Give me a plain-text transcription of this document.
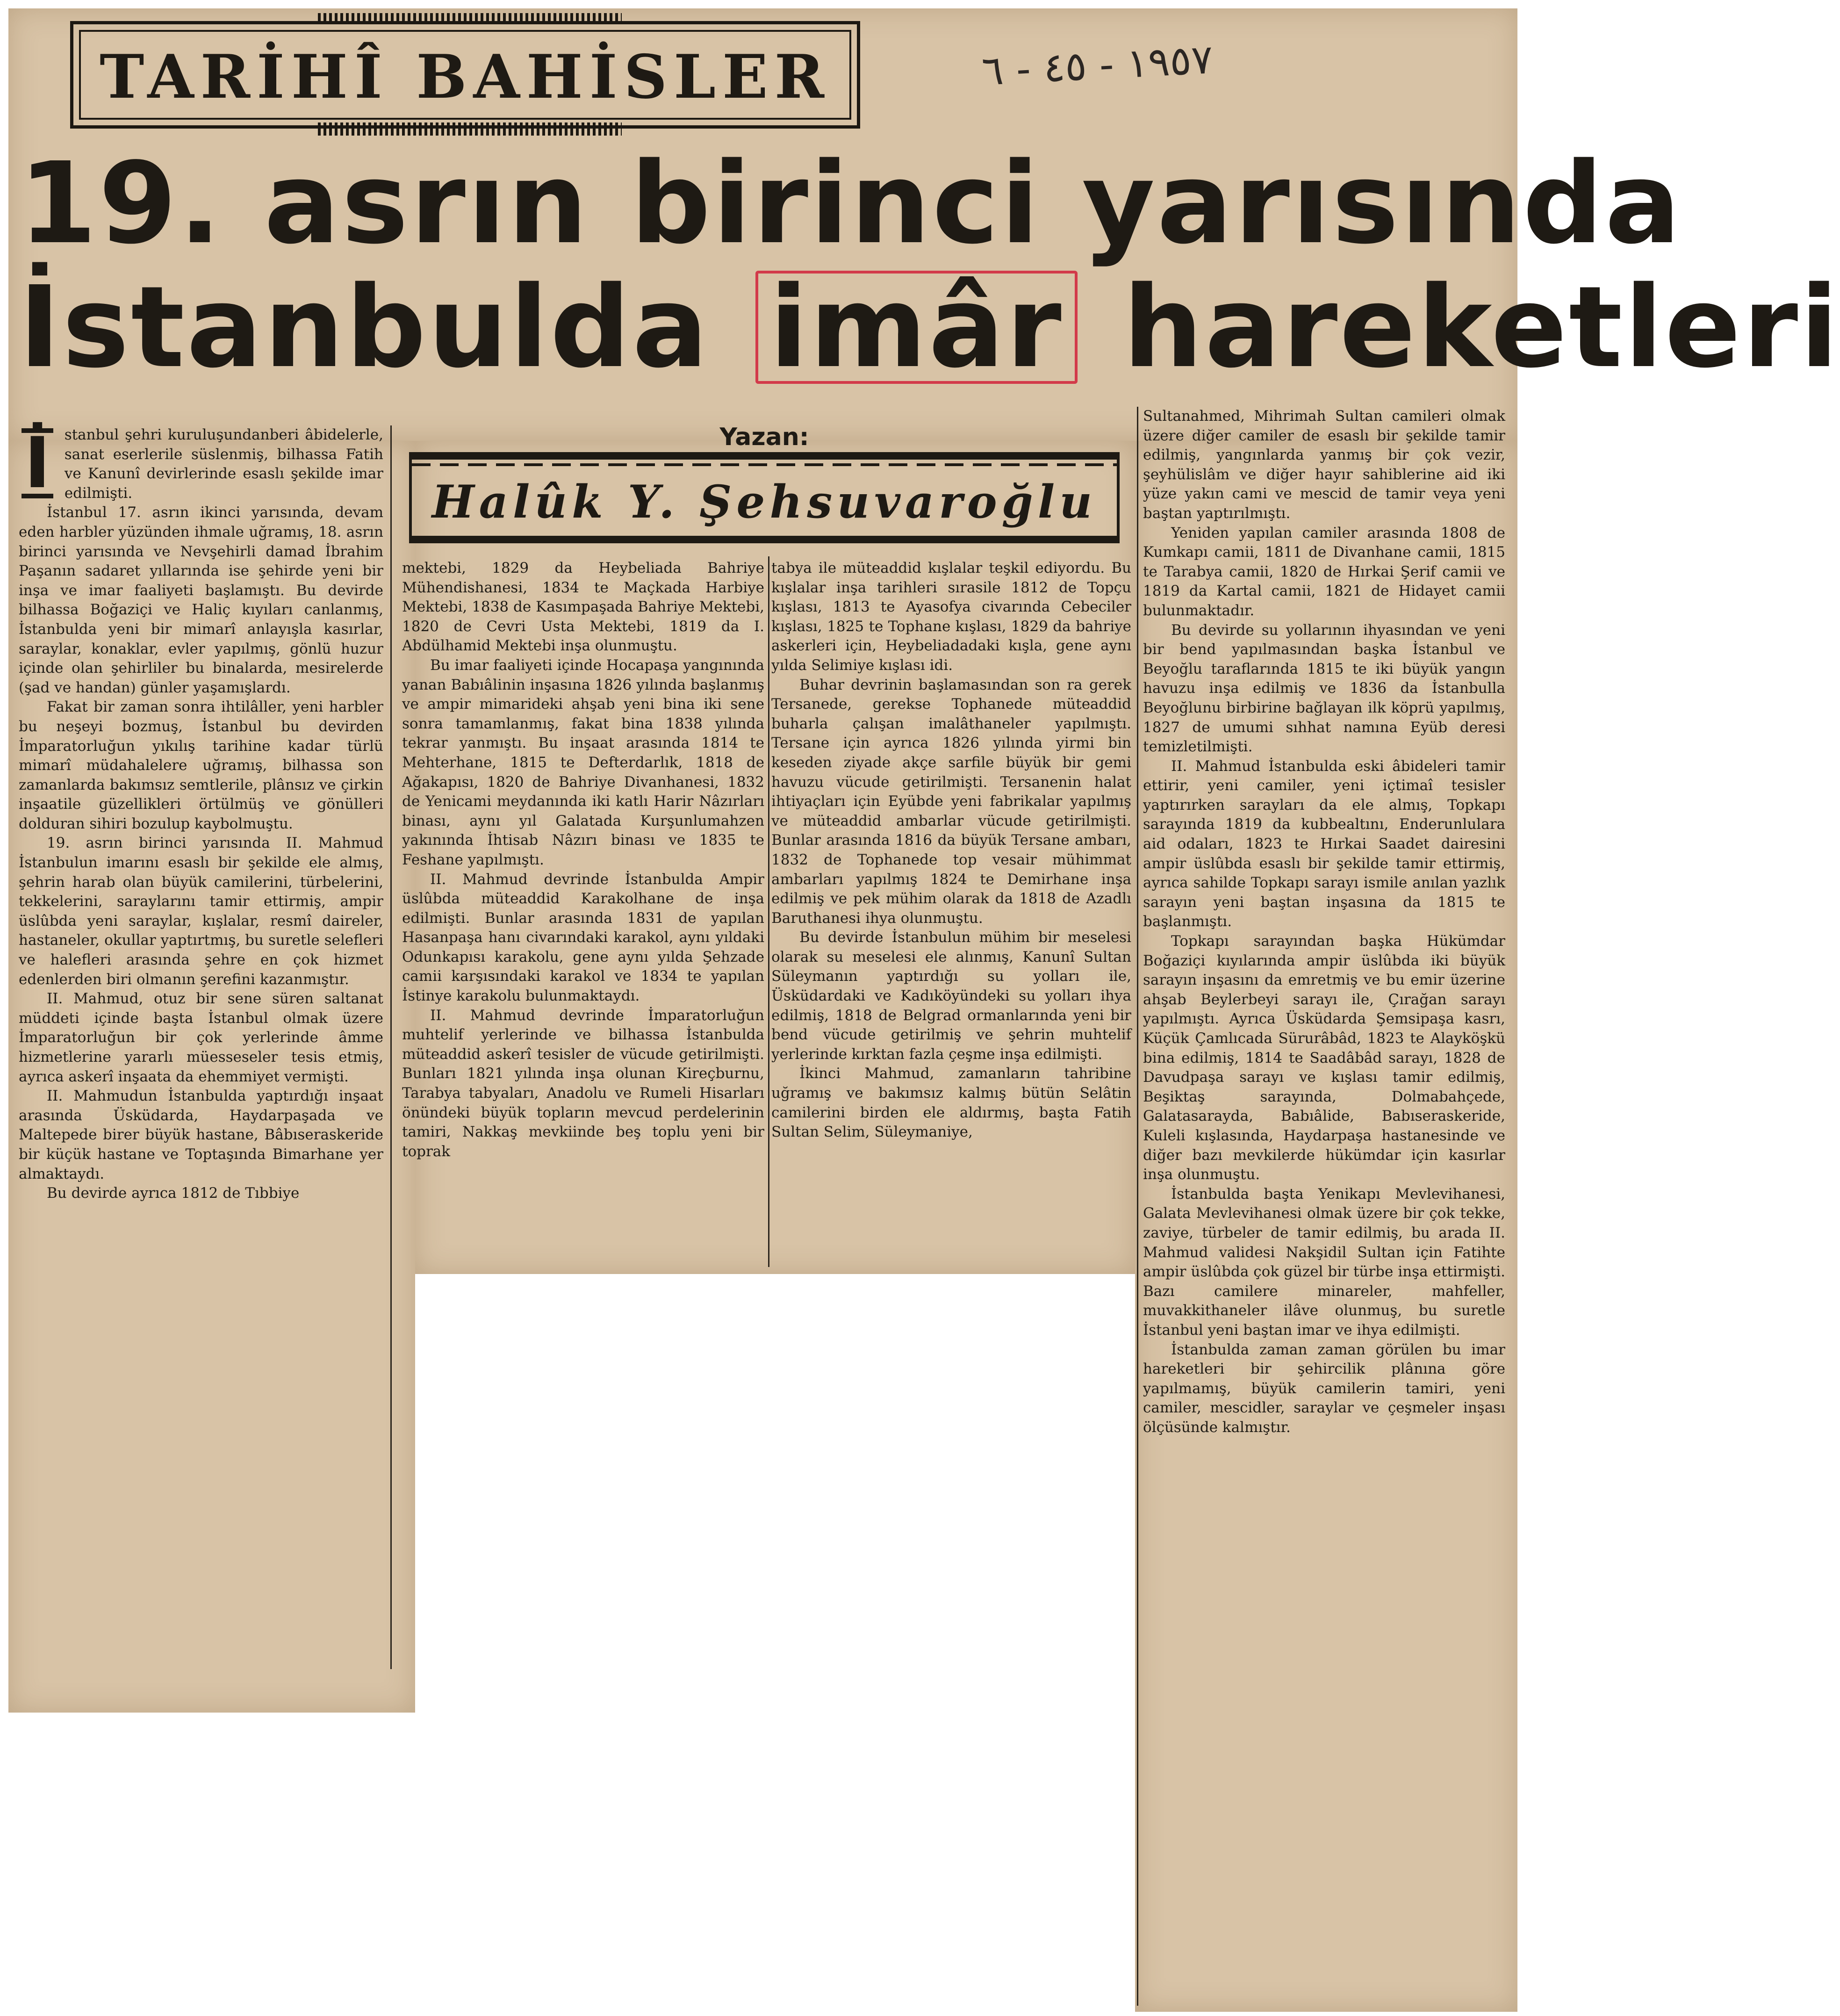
TARİHÎ BAHİSLER	١٩٥٧ - ٤٥ - ٦
19. asrın birinci yarısında
İstanbulda imâr hareketleri
Yazan:
Halûk Y. Şehsuvaroğlu

İ stanbul şehri kuruluşundanberi âbidelerle, sanat eserlerile süslenmiş, bilhassa Fatih ve Kanunî devirlerinde esaslı şekilde imar edilmişti.

İstanbul 17. asrın ikinci yarısında, devam eden harbler yüzünden ihmale uğramış, 18. asrın birinci yarısında ve Nevşehirli damad İbrahim Paşanın sadaret yıllarında ise şehirde yeni bir inşa ve imar faaliyeti başlamıştı. Bu devirde bilhassa Boğaziçi ve Haliç kıyıları canlanmış, İstanbulda yeni bir mimarî anlayışla kasırlar, saraylar, konaklar, evler yapılmış, gönlü huzur içinde olan şehirliler bu binalarda, mesirelerde (şad ve handan) günler yaşamışlardı.

Fakat bir zaman sonra ihtilâller, yeni harbler bu neşeyi bozmuş, İstanbul bu devirden İmparatorluğun yıkılış tarihine kadar türlü mimarî müdahalelere uğramış, bilhassa son zamanlarda bakımsız semtlerile, plânsız ve çirkin inşaatile güzellikleri örtülmüş ve gönülleri dolduran sihiri bozulup kaybolmuştu.

19. asrın birinci yarısında II. Mahmud İstanbulun imarını esaslı bir şekilde ele almış, şehrin harab olan büyük camilerini, türbelerini, tekkelerini, saraylarını tamir ettirmiş, ampir üslûbda yeni saraylar, kışlalar, resmî daireler, hastaneler, okullar yaptırtmış, bu suretle selefleri ve halefleri arasında şehre en çok hizmet edenlerden biri olmanın şerefini kazanmıştır.

II. Mahmud, otuz bir sene süren saltanat müddeti içinde başta İstanbul olmak üzere İmparatorluğun bir çok yerlerinde âmme hizmetlerine yararlı müesseseler tesis etmiş, ayrıca askerî inşaata da ehemmiyet vermişti.

II. Mahmudun İstanbulda yaptırdığı inşaat arasında Üsküdarda, Haydarpaşada ve Maltepede birer büyük hastane, Bâbıseraskeride bir küçük hastane ve Toptaşında Bimarhane yer almaktaydı.

Bu devirde ayrıca 1812 de Tıbbiye

mektebi, 1829 da Heybeliada Bahriye Mühendishanesi, 1834 te Maçkada Harbiye Mektebi, 1838 de Kasımpaşada Bahriye Mektebi, 1820 de Cevri Usta Mektebi, 1819 da I. Abdülhamid Mektebi inşa olunmuştu.

Bu imar faaliyeti içinde Hocapaşa yangınında yanan Babıâlinin inşasına 1826 yılında başlanmış ve ampir mimarideki ahşab yeni bina iki sene sonra tamamlanmış, fakat bina 1838 yılında tekrar yanmıştı. Bu inşaat arasında 1814 te Mehterhane, 1815 te Defterdarlık, 1818 de Ağakapısı, 1820 de Bahriye Divanhanesi, 1832 de Yenicami meydanında iki katlı Harir Nâzırları binası, aynı yıl Galatada Kurşunlumahzen yakınında İhtisab Nâzırı binası ve 1835 te Feshane yapılmıştı.

II. Mahmud devrinde İstanbulda Ampir üslûbda müteaddid Karakolhane de inşa edilmişti. Bunlar arasında 1831 de yapılan Hasanpaşa hanı civarındaki karakol, aynı yıldaki Odunkapısı karakolu, gene aynı yılda Şehzade camii karşısındaki karakol ve 1834 te yapılan İstinye karakolu bulunmaktaydı.

II. Mahmud devrinde İmparatorluğun muhtelif yerlerinde ve bilhassa İstanbulda müteaddid askerî tesisler de vücude getirilmişti. Bunları 1821 yılında inşa olunan Kireçburnu, Tarabya tabyaları, Anadolu ve Rumeli Hisarları önündeki büyük topların mevcud perdelerinin tamiri, Nakkaş mevkiinde beş toplu yeni bir toprak

tabya ile müteaddid kışlalar teşkil ediyordu. Bu kışlalar inşa tarihleri sırasile 1812 de Topçu kışlası, 1813 te Ayasofya civarında Cebeciler kışlası, 1825 te Tophane kışlası, 1829 da bahriye askerleri için, Heybeliadadaki kışla, gene aynı yılda Selimiye kışlası idi.

Buhar devrinin başlamasından son ra gerek Tersanede, gerekse Tophanede müteaddid buharla çalışan imalâthaneler yapılmıştı. Tersane için ayrıca 1826 yılında yirmi bin keseden ziyade akçe sarfile büyük bir gemi havuzu vücude getirilmişti. Tersanenin halat ihtiyaçları için Eyübde yeni fabrikalar yapılmış ve müteaddid ambarlar vücude getirilmişti. Bunlar arasında 1816 da büyük Tersane ambarı, 1832 de Tophanede top vesair mühimmat ambarları yapılmış 1824 te Demirhane inşa edilmiş ve pek mühim olarak da 1818 de Azadlı Baruthanesi ihya olunmuştu.

Bu devirde İstanbulun mühim bir meselesi olarak su meselesi ele alınmış, Kanunî Sultan Süleymanın yaptırdığı su yolları ile, Üsküdardaki ve Kadıköyündeki su yolları ihya edilmiş, 1818 de Belgrad ormanlarında yeni bir bend vücude getirilmiş ve şehrin muhtelif yerlerinde kırktan fazla çeşme inşa edilmişti.

İkinci Mahmud, zamanların tahribine uğramış ve bakımsız kalmış bütün Selâtin camilerini birden ele aldırmış, başta Fatih Sultan Selim, Süleymaniye,

Sultanahmed, Mihrimah Sultan camileri olmak üzere diğer camiler de esaslı bir şekilde tamir edilmiş, yangınlarda yanmış bir çok vezir, şeyhülislâm ve diğer hayır sahiblerine aid iki yüze yakın cami ve mescid de tamir veya yeni baştan yaptırılmıştı.

Yeniden yapılan camiler arasında 1808 de Kumkapı camii, 1811 de Divanhane camii, 1815 te Tarabya camii, 1820 de Hırkai Şerif camii ve 1819 da Kartal camii, 1821 de Hidayet camii bulunmaktadır.

Bu devirde su yollarının ihyasından ve yeni bir bend yapılmasından başka İstanbul ve Beyoğlu taraflarında 1815 te iki büyük yangın havuzu inşa edilmiş ve 1836 da İstanbulla Beyoğlunu birbirine bağlayan ilk köprü yapılmış, 1827 de umumi sıhhat namına Eyüb deresi temizletilmişti.

II. Mahmud İstanbulda eski âbideleri tamir ettirir, yeni camiler, yeni içtimaî tesisler yaptırırken sarayları da ele almış, Topkapı sarayında 1819 da kubbealtını, Enderunlulara aid odaları, 1823 te Hırkai Saadet dairesini ampir üslûbda esaslı bir şekilde tamir ettirmiş, ayrıca sahilde Topkapı sarayı ismile anılan yazlık sarayın yeni baştan inşasına da 1815 te başlanmıştı.

Topkapı sarayından başka Hükümdar Boğaziçi kıyılarında ampir üslûbda iki büyük sarayın inşasını da emretmiş ve bu emir üzerine ahşab Beylerbeyi sarayı ile, Çırağan sarayı yapılmıştı. Ayrıca Üsküdarda Şemsipaşa kasrı, Küçük Çamlıcada Sürurâbâd, 1823 te Alayköşkü bina edilmiş, 1814 te Saadâbâd sarayı, 1828 de Davudpaşa sarayı ve kışlası tamir edilmiş, Beşiktaş sarayında, Dolmabahçede, Galatasarayda, Babıâlide, Babıseraskeride, Kuleli kışlasında, Haydarpaşa hastanesinde ve diğer bazı mevkilerde hükümdar için kasırlar inşa olunmuştu.

İstanbulda başta Yenikapı Mevlevihanesi, Galata Mevlevihanesi olmak üzere bir çok tekke, zaviye, türbeler de tamir edilmiş, bu arada II. Mahmud validesi Nakşidil Sultan için Fatihte ampir üslûbda çok güzel bir türbe inşa ettirmişti. Bazı camilere minareler, mahfeller, muvakkithaneler ilâve olunmuş, bu suretle İstanbul yeni baştan imar ve ihya edilmişti.

İstanbulda zaman zaman görülen bu imar hareketleri bir şehircilik plânına göre yapılmamış, büyük camilerin tamiri, yeni camiler, mescidler, saraylar ve çeşmeler inşası ölçüsünde kalmıştır.
